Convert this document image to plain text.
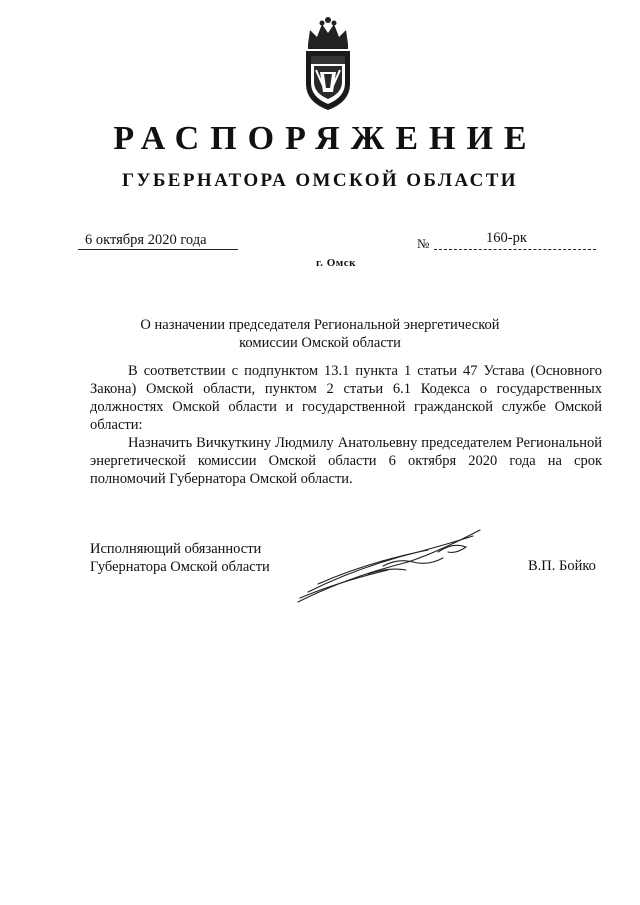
РАСПОРЯЖЕНИЕ
ГУБЕРНАТОРА ОМСКОЙ ОБЛАСТИ
6 октября 2020 года	№	160-рк
г. Омск
О назначении председателя Региональной энергетической
комиссии Омской области

В соответствии с подпунктом 13.1 пункта 1 статьи 47 Устава (Основного Закона) Омской области, пунктом 2 статьи 6.1 Кодекса о государственных должностях Омской области и государственной гражданской службе Омской области:

Назначить Вичкуткину Людмилу Анатольевну председателем Региональной энергетической комиссии Омской области 6 октября 2020 года на срок полномочий Губернатора Омской области.

Исполняющий обязанности
Губернатора Омской области	В.П. Бойко
